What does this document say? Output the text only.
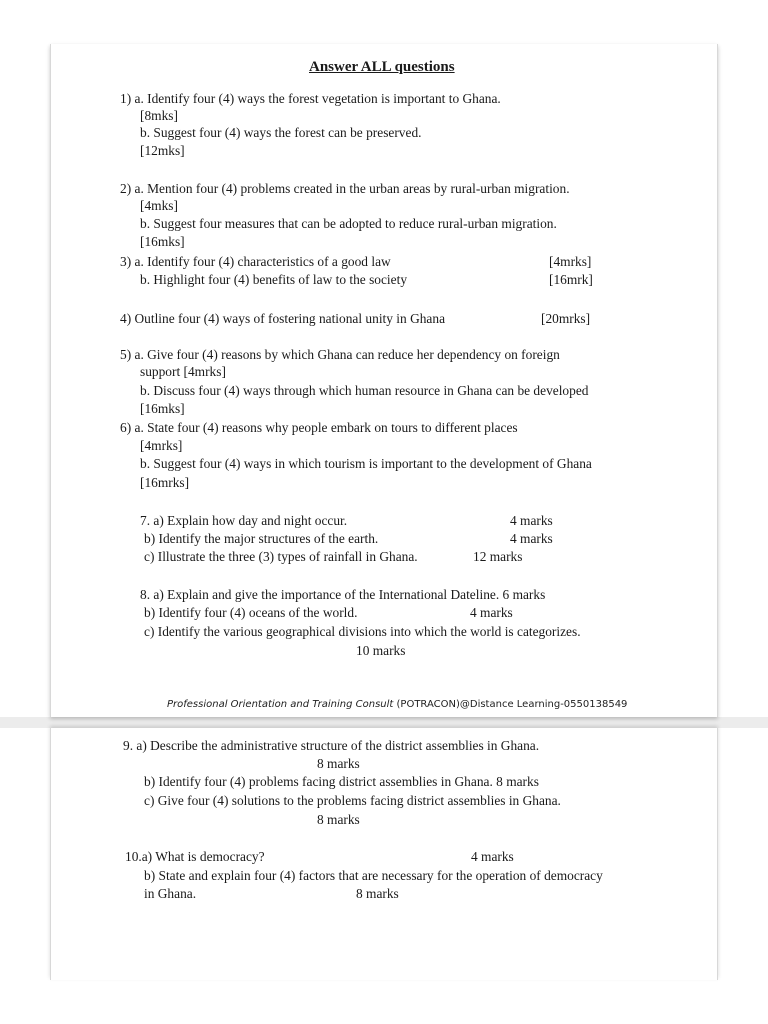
Answer ALL questions
1) a. Identify four (4) ways the forest vegetation is important to Ghana.
[8mks]
b. Suggest four (4) ways the forest can be preserved.
[12mks]
2) a. Mention four (4) problems created in the urban areas by rural-urban migration.
[4mks]
b. Suggest four measures that can be adopted to reduce rural-urban migration.
[16mks]
3) a. Identify four (4) characteristics of a good law	[4mrks]
b. Highlight four (4) benefits of law to the society	[16mrk]
4) Outline four (4) ways of fostering national unity in Ghana	[20mrks]
5) a. Give four (4) reasons by which Ghana can reduce her dependency on foreign
support [4mrks]
b. Discuss four (4) ways through which human resource in Ghana can be developed
[16mks]
6) a. State four (4) reasons why people embark on tours to different places
[4mrks]
b. Suggest four (4) ways in which tourism is important to the development of Ghana
[16mrks]
7. a) Explain how day and night occur.	4 marks
b) Identify the major structures of the earth.	4 marks
c) Illustrate the three (3) types of rainfall in Ghana.	12 marks
8. a) Explain and give the importance of the International Dateline. 6 marks
b) Identify four (4) oceans of the world.	4 marks
c) Identify the various geographical divisions into which the world is categorizes.
10 marks
Professional Orientation and Training Consult (POTRACON)@Distance Learning-0550138549
9. a) Describe the administrative structure of the district assemblies in Ghana.
8 marks
b) Identify four (4) problems facing district assemblies in Ghana. 8 marks
c) Give four (4) solutions to the problems facing district assemblies in Ghana.
8 marks
10.a) What is democracy?	4 marks
b) State and explain four (4) factors that are necessary for the operation of democracy
in Ghana.	8 marks
